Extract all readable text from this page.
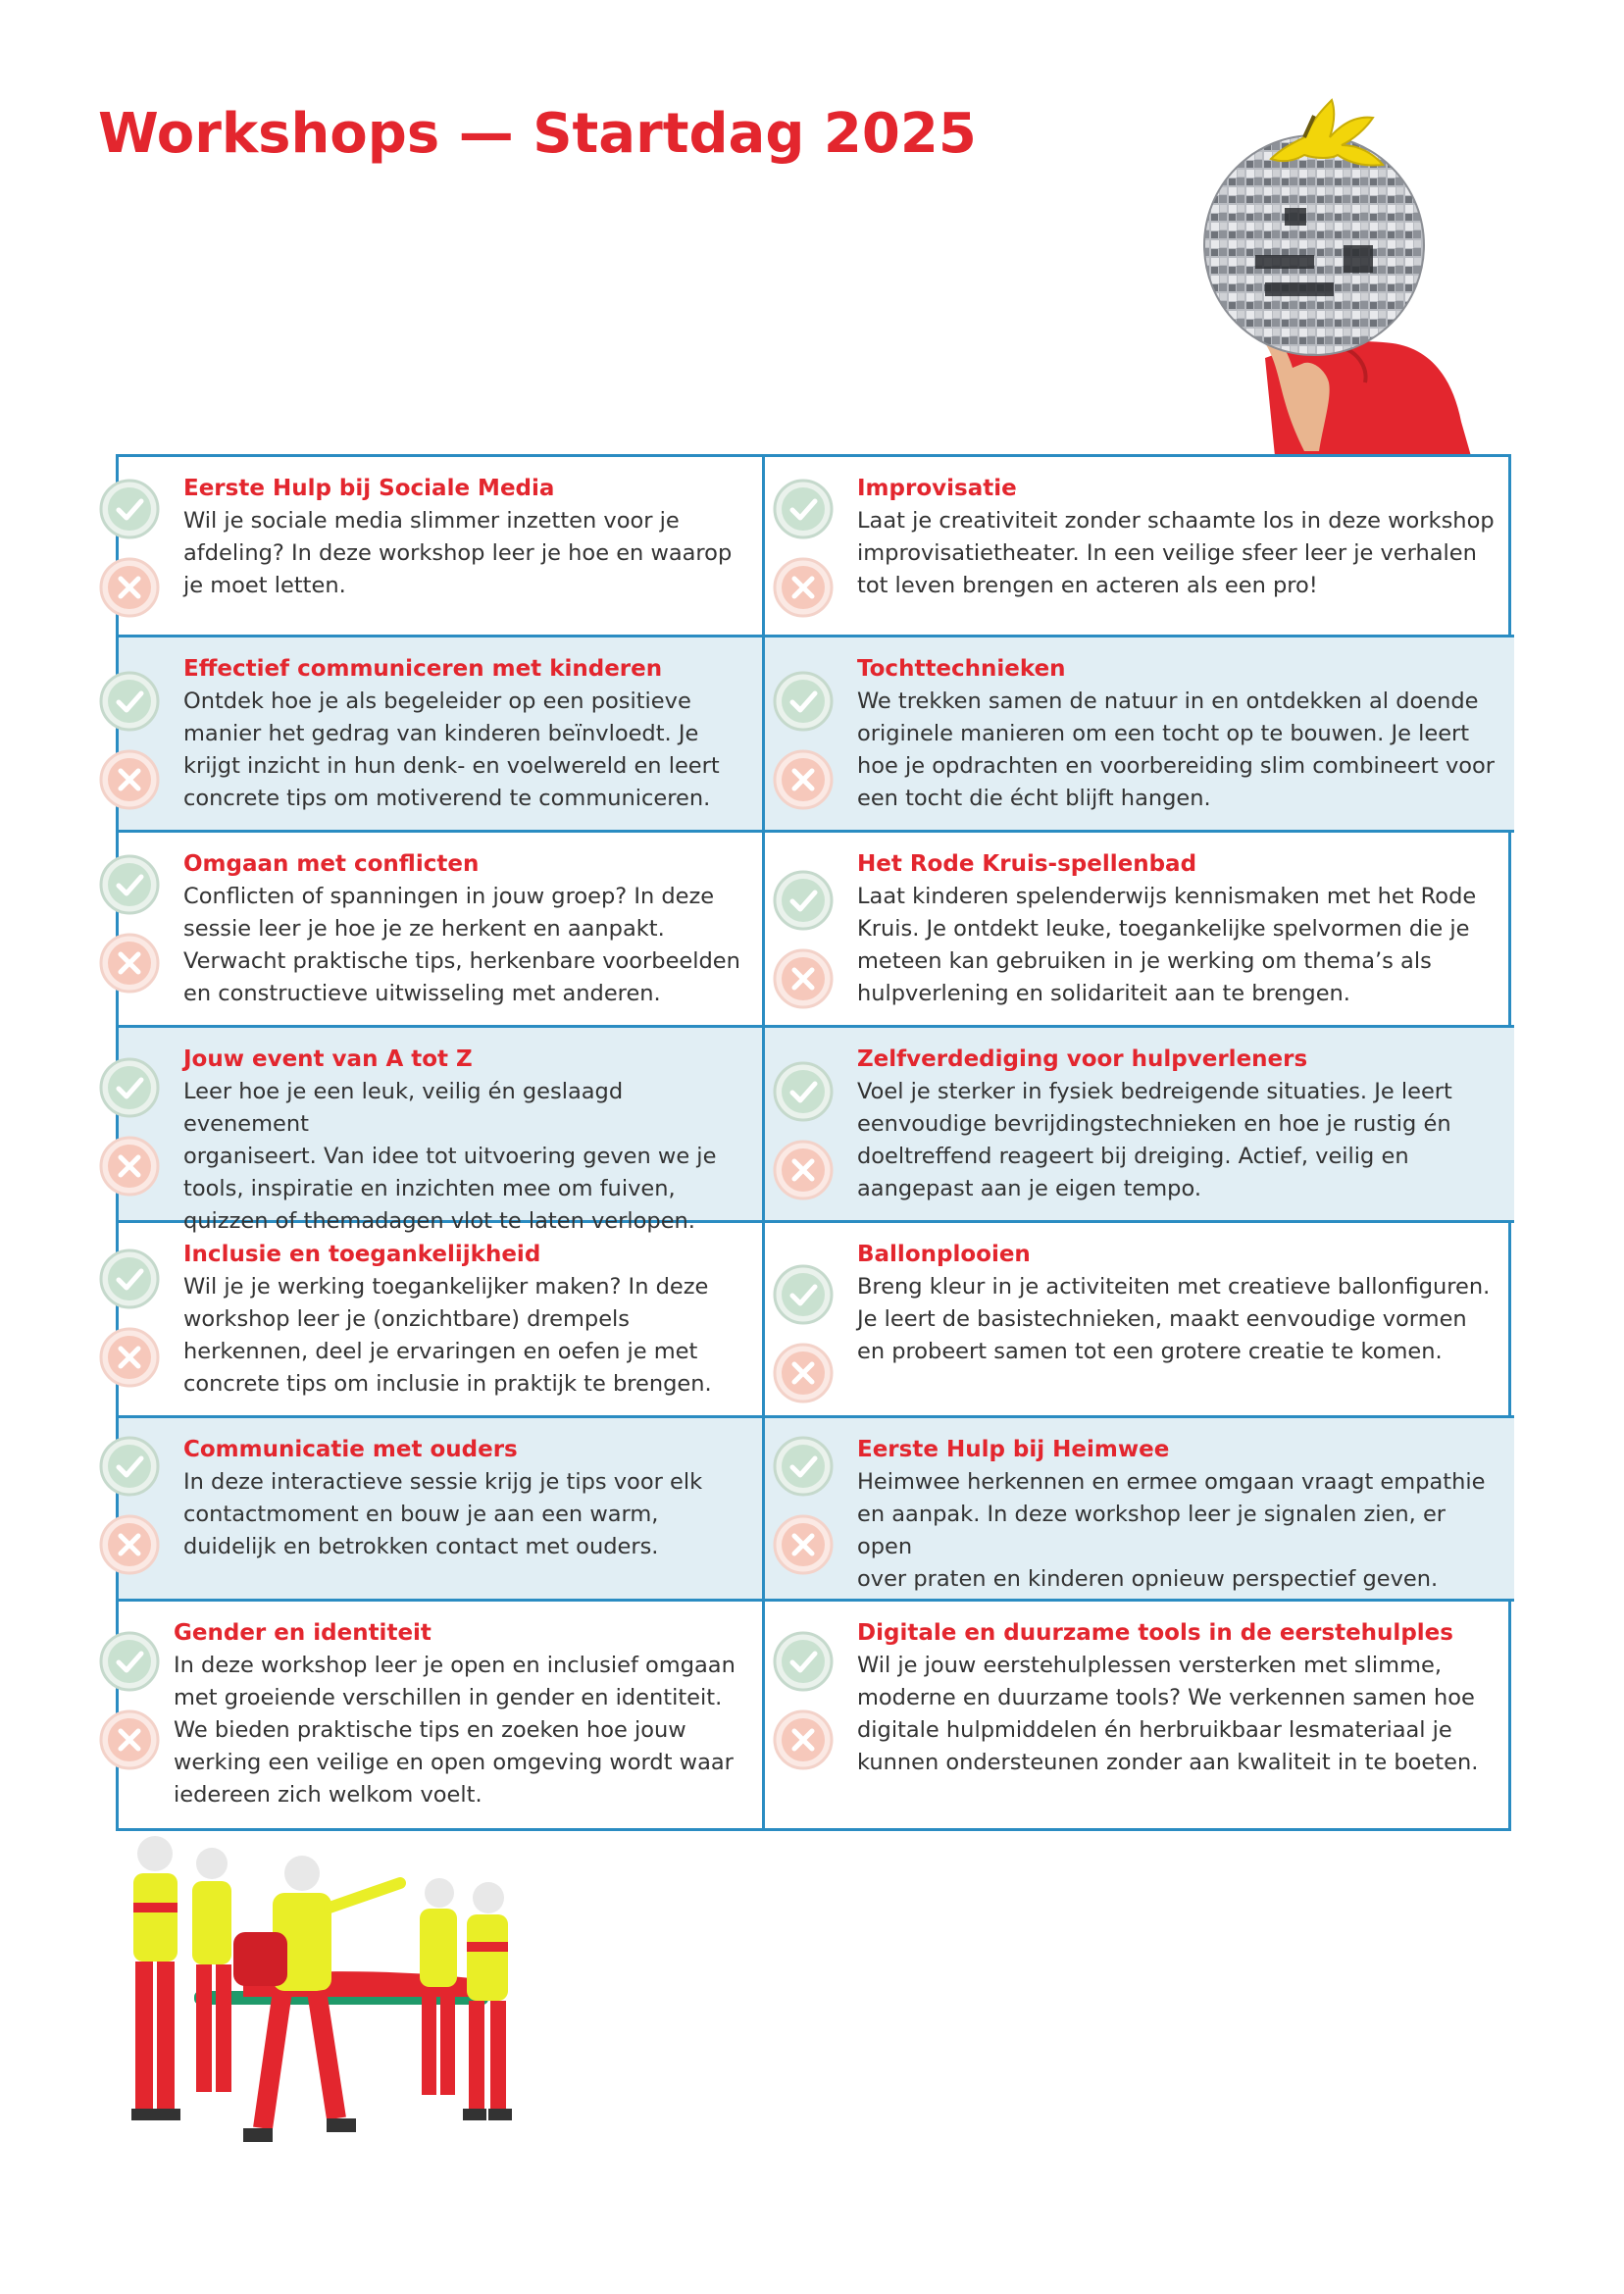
Workshops — Startdag 2025
Eerste Hulp bij Sociale Media
Wil je sociale media slimmer inzetten voor je
afdeling? In deze workshop leer je hoe en waarop
je moet letten.
Improvisatie
Laat je creativiteit zonder schaamte los in deze workshop
improvisatietheater. In een veilige sfeer leer je verhalen
tot leven brengen en acteren als een pro!
Effectief communiceren met kinderen
Ontdek hoe je als begeleider op een positieve
manier het gedrag van kinderen beïnvloedt. Je
krijgt inzicht in hun denk- en voelwereld en leert
concrete tips om motiverend te communiceren.
Tochttechnieken
We trekken samen de natuur in en ontdekken al doende
originele manieren om een tocht op te bouwen. Je leert
hoe je opdrachten en voorbereiding slim combineert voor
een tocht die écht blijft hangen.
Omgaan met conflicten
Conflicten of spanningen in jouw groep? In deze
sessie leer je hoe je ze herkent en aanpakt.
Verwacht praktische tips, herkenbare voorbeelden
en constructieve uitwisseling met anderen.
Het Rode Kruis-spellenbad
Laat kinderen spelenderwijs kennismaken met het Rode
Kruis. Je ontdekt leuke, toegankelijke spelvormen die je
meteen kan gebruiken in je werking om thema’s als
hulpverlening en solidariteit aan te brengen.
Jouw event van A tot Z
Leer hoe je een leuk, veilig én geslaagd evenement
organiseert. Van idee tot uitvoering geven we je
tools, inspiratie en inzichten mee om fuiven,
quizzen of themadagen vlot te laten verlopen.
Zelfverdediging voor hulpverleners
Voel je sterker in fysiek bedreigende situaties. Je leert
eenvoudige bevrijdingstechnieken en hoe je rustig én
doeltreffend reageert bij dreiging. Actief, veilig en
aangepast aan je eigen tempo.
Inclusie en toegankelijkheid
Wil je je werking toegankelijker maken? In deze
workshop leer je (onzichtbare) drempels
herkennen, deel je ervaringen en oefen je met
concrete tips om inclusie in praktijk te brengen.
Ballonplooien
Breng kleur in je activiteiten met creatieve ballonfiguren.
Je leert de basistechnieken, maakt eenvoudige vormen
en probeert samen tot een grotere creatie te komen.
Communicatie met ouders
In deze interactieve sessie krijg je tips voor elk
contactmoment en bouw je aan een warm,
duidelijk en betrokken contact met ouders.
Eerste Hulp bij Heimwee
Heimwee herkennen en ermee omgaan vraagt empathie
en aanpak. In deze workshop leer je signalen zien, er open
over praten en kinderen opnieuw perspectief geven.
Gender en identiteit
In deze workshop leer je open en inclusief omgaan
met groeiende verschillen in gender en identiteit.
We bieden praktische tips en zoeken hoe jouw
werking een veilige en open omgeving wordt waar
iedereen zich welkom voelt.
Digitale en duurzame tools in de eerstehulples
Wil je jouw eerstehulplessen versterken met slimme,
moderne en duurzame tools? We verkennen samen hoe
digitale hulpmiddelen én herbruikbaar lesmateriaal je
kunnen ondersteunen zonder aan kwaliteit in te boeten.
